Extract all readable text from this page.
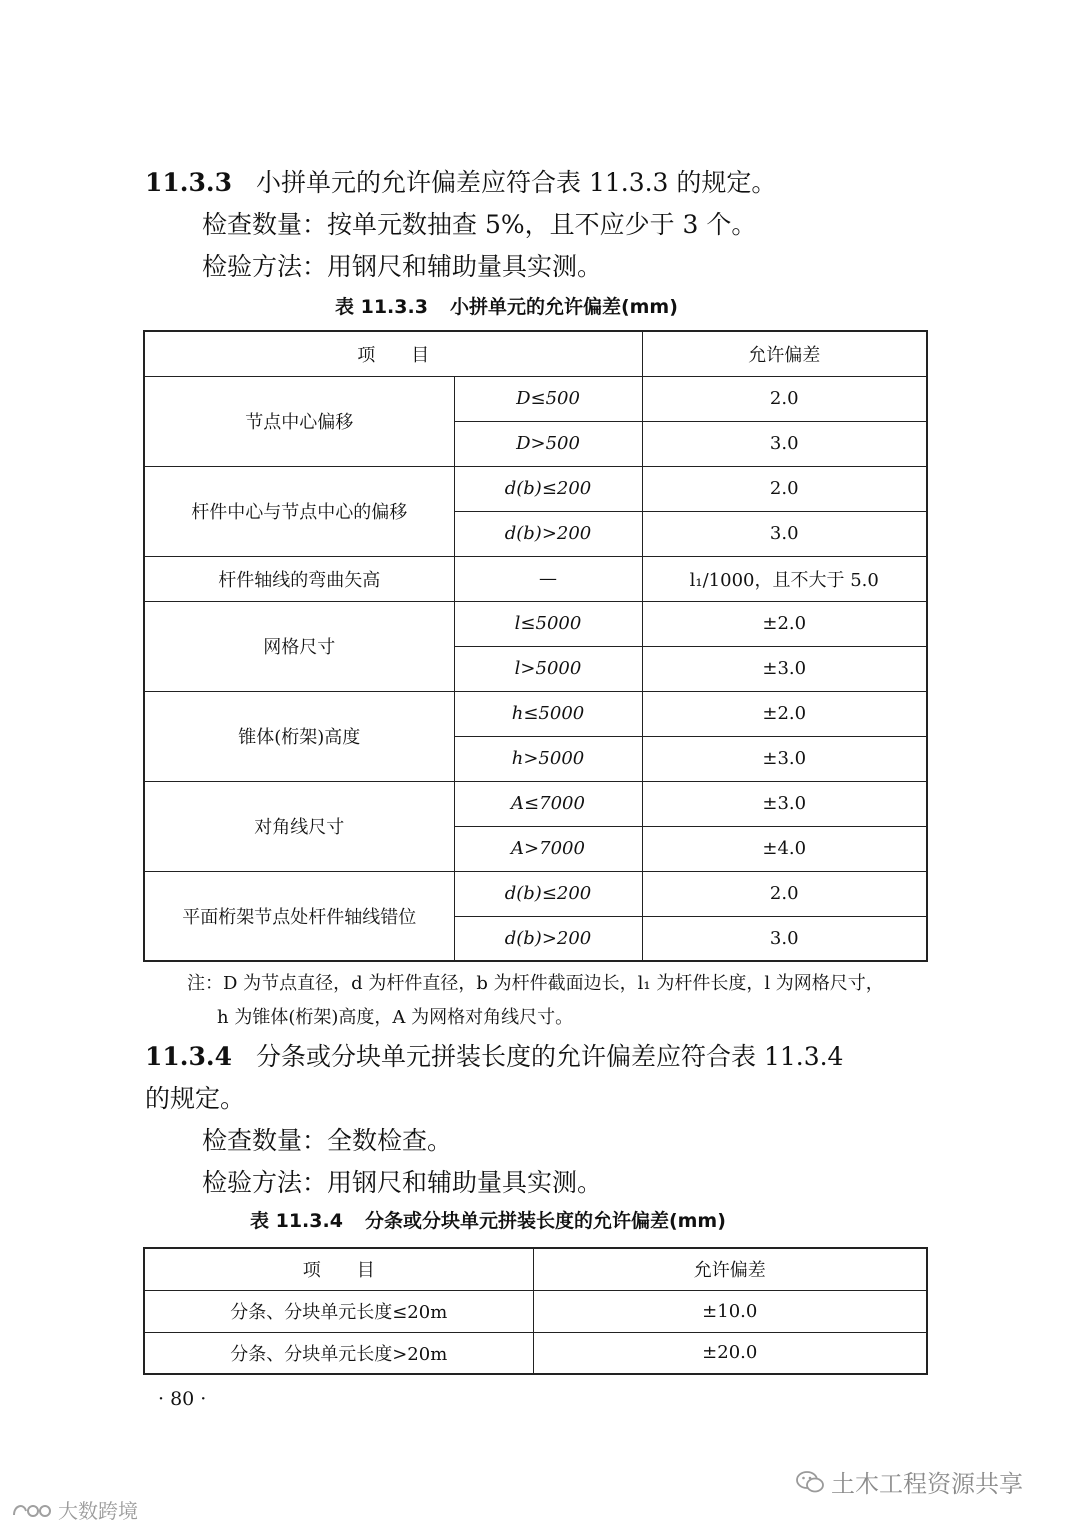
11.3.3 小拼单元的允许偏差应符合表 11.3.3 的规定。
检查数量：按单元数抽查 5%，且不应少于 3 个。
检验方法：用钢尺和辅助量具实测。
表 11.3.3 小拼单元的允许偏差(mm)
项　　目		允许偏差
节点中心偏移	D≤500	2.0
	D>500	3.0
杆件中心与节点中心的偏移	d(b)≤200	2.0
	d(b)>200	3.0
杆件轴线的弯曲矢高	—	l₁/1000，且不大于 5.0
网格尺寸	l≤5000	±2.0
	l>5000	±3.0
锥体(桁架)高度	h≤5000	±2.0
	h>5000	±3.0
对角线尺寸	A≤7000	±3.0
	A>7000	±4.0
平面桁架节点处杆件轴线错位	d(b)≤200	2.0
	d(b)>200	3.0
注：D 为节点直径，d 为杆件直径，b 为杆件截面边长，l₁ 为杆件长度，l 为网格尺寸，
h 为锥体(桁架)高度，A 为网格对角线尺寸。
11.3.4 分条或分块单元拼装长度的允许偏差应符合表 11.3.4
的规定。
检查数量：全数检查。
检验方法：用钢尺和辅助量具实测。
表 11.3.4 分条或分块单元拼装长度的允许偏差(mm)
项　　目	允许偏差
分条、分块单元长度≤20m	±10.0
分条、分块单元长度>20m	±20.0
· 80 ·
土木工程资源共享
大数跨境
